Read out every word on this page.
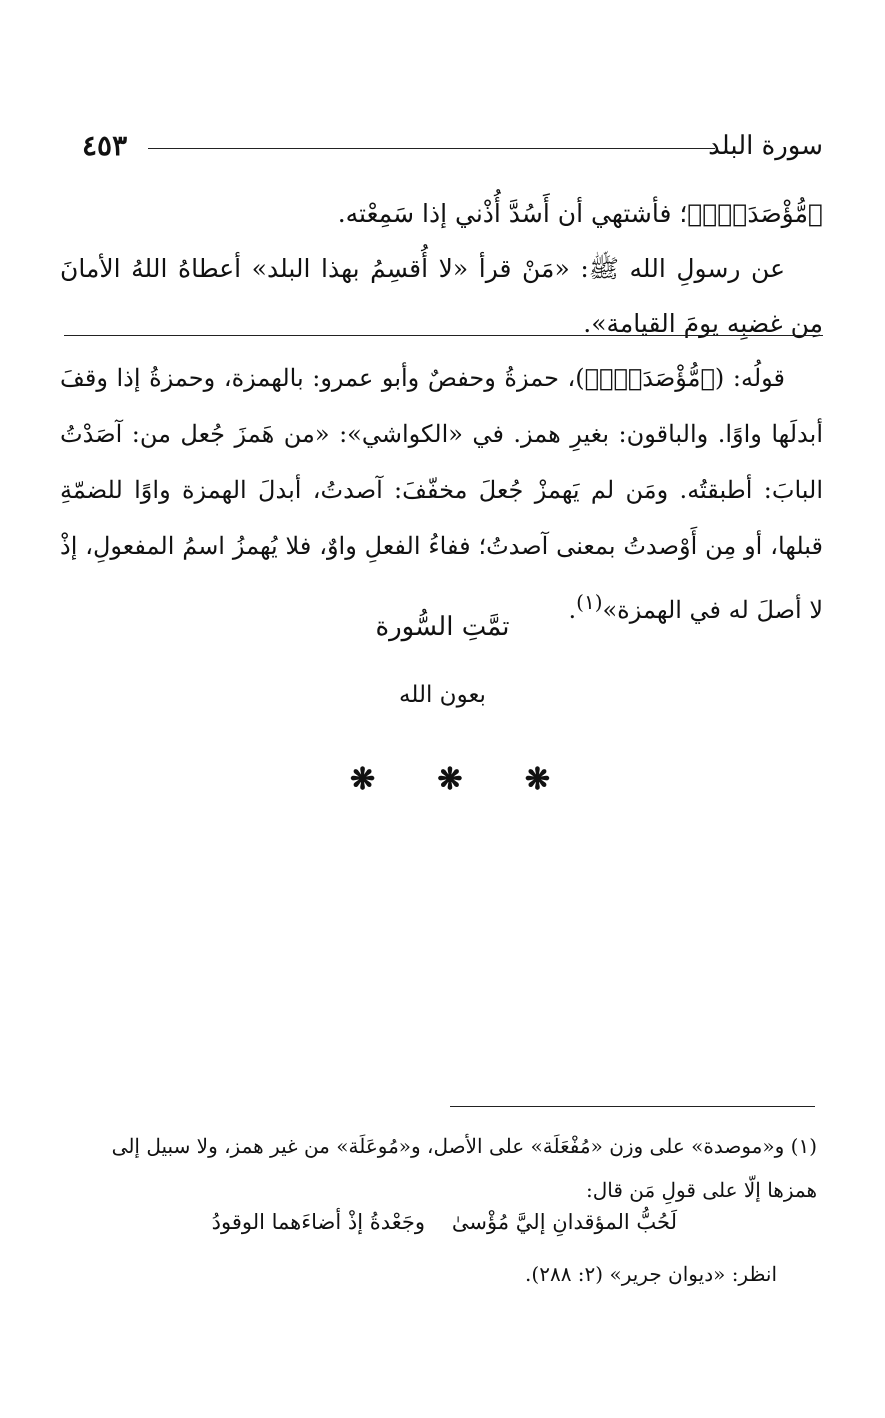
سورة البلد
٤٥٣

﴿مُّؤْصَدَةٌۢ﴾؛ فأشتهي أن أَسُدَّ أُذْني إذا سَمِعْته.

عن رسولِ الله ﷺ: «مَنْ قرأ «لا أُقسِمُ بهذا البلد» أعطاهُ اللهُ الأمانَ مِن غضبِه يومَ القيامة».

قولُه: (﴿مُّؤْصَدَةٌۢ﴾)، حمزةُ وحفصٌ وأبو عمرو: بالهمزة، وحمزةُ إذا وقفَ أبدلَها واوًا. والباقون: بغيرِ همز. في «الكواشي»: «من هَمزَ جُعل من: آصَدْتُ البابَ: أطبقتُه. ومَن لم يَهمزْ جُعلَ مخفّفَ: آصدتُ، أبدلَ الهمزة واوًا للضمّةِ قبلها، أو مِن أَوْصدتُ بمعنى آصدتُ؛ ففاءُ الفعلِ واوٌ، فلا يُهمزُ اسمُ المفعولِ، إذْ لا أصلَ له في الهمزة»$^{(١)}$.

تمَّتِ السُّورة
بعون الله
❋ ❋ ❋

(١) و«موصدة» على وزن «مُفْعَلَة» على الأصل، و«مُوعَلَة» من غير همز، ولا سبيل إلى همزها إلّا على قولِ مَن قال:

لَحُبُّ المؤقدانِ إليَّ مُؤْسىٰ
وجَعْدةُ إذْ أضاءَهما الوقودُ
انظر: «ديوان جرير» (٢: ٢٨٨).
